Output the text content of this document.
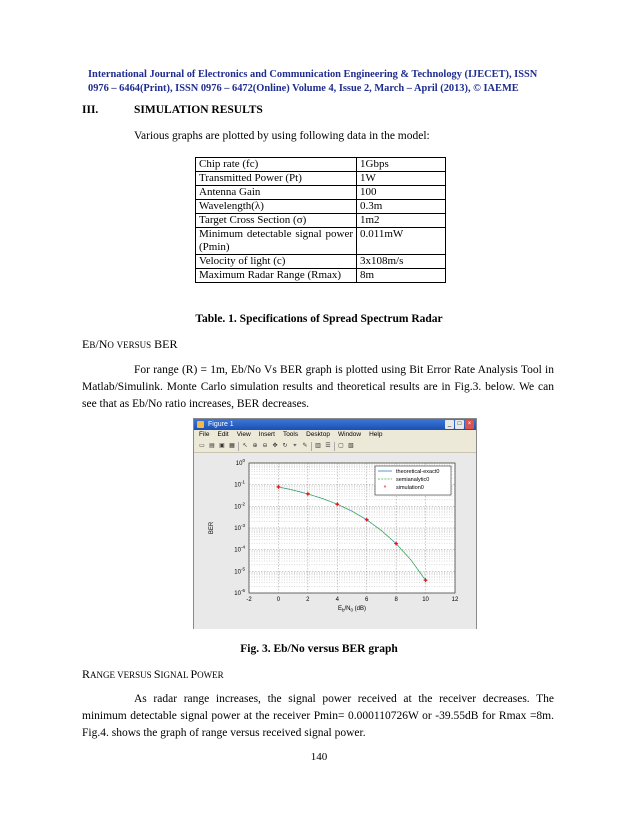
International Journal of Electronics and Communication Engineering & Technology (IJECET), ISSN
0976 – 6464(Print), ISSN 0976 – 6472(Online) Volume 4, Issue 2, March – April (2013), © IAEME
III.	SIMULATION RESULTS
Various graphs are plotted by using following data in the model:
Chip rate (fc)	1Gbps
Transmitted Power (Pt)	1W
Antenna Gain	100
Wavelength(λ)	0.3m
Target Cross Section (σ)	1m2
Minimum detectable signal power (Pmin)	0.011mW
Velocity of light (c)	3x108m/s
Maximum Radar Range (Rmax)	8m
Table. 1. Specifications of Spread Spectrum Radar
EB/NO VERSUS BER
For range (R) = 1m, Eb/No Vs BER graph is plotted using Bit Error Rate Analysis Tool in Matlab/Simulink. Monte Carlo simulation results and theoretical results are in Fig.3. below. We can see that as Eb/No ratio increases, BER decreases.
Figure 1	_	□	×
File Edit View Insert Tools Desktop Window Help
▭ ▤ ▣ ▦ ↖ ⊕ ⊖ ✥ ↻ ⌖ ✎ ▥ ☰ ▢ ▧
-2	0	2	4	6	8	10	12
$10^0$
$10^{-1}$
$10^{-2}$
$10^{-3}$
$10^{-4}$
$10^{-5}$
$10^{-6}$
BER
$E_b/N_0$ (dB)
theoretical-exact0
semianalytic0
* simulation0
Fig. 3. Eb/No versus BER graph
RANGE VERSUS SIGNAL POWER
As radar range increases, the signal power received at the receiver decreases. The minimum detectable signal power at the receiver Pmin= 0.000110726W or -39.55dB for Rmax =8m. Fig.4. shows the graph of range versus received signal power.
140
